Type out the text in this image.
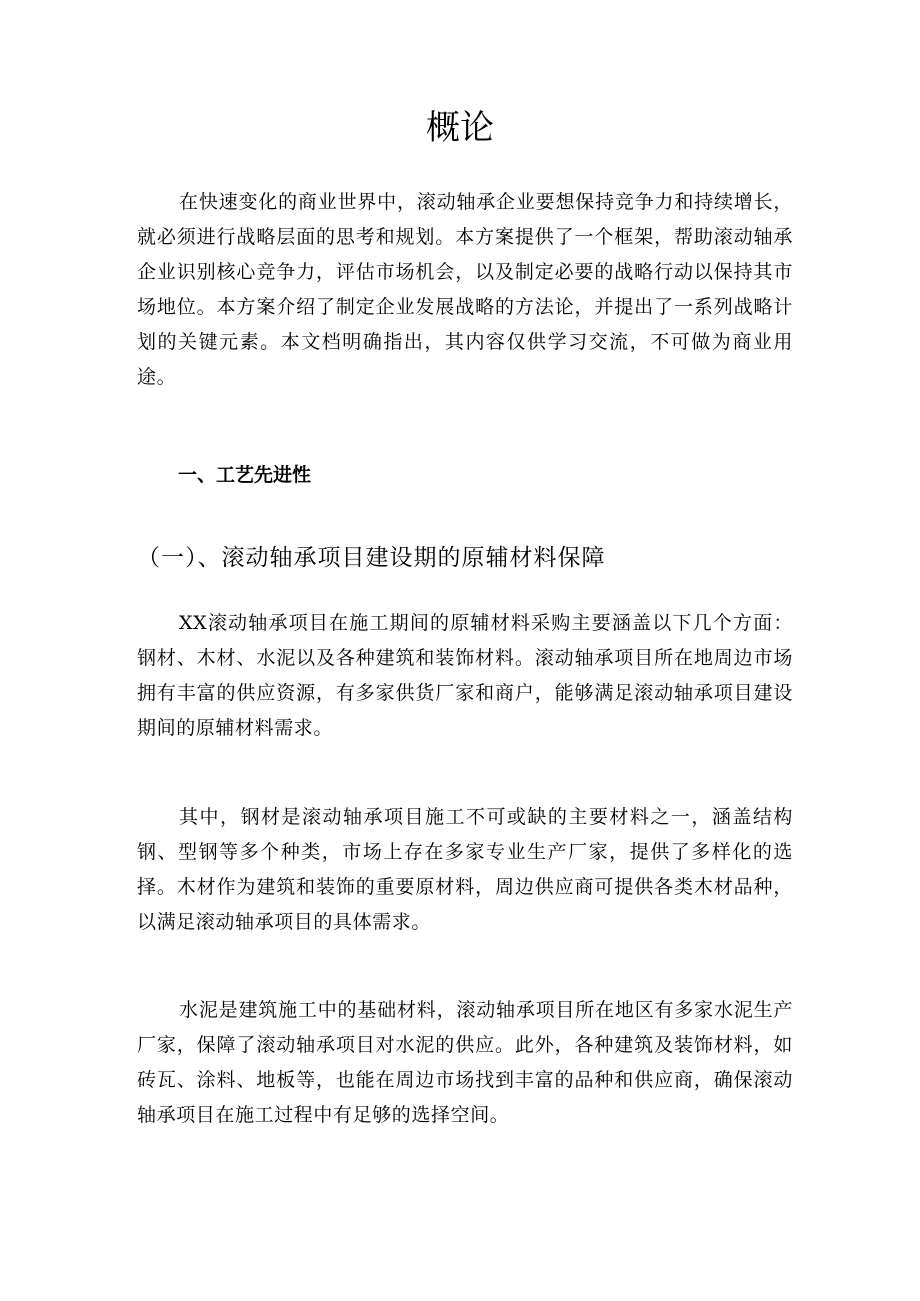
概论

在快速变化的商业世界中，滚动轴承企业要想保持竞争力和持续增长，就必须进行战略层面的思考和规划。本方案提供了一个框架，帮助滚动轴承企业识别核心竞争力，评估市场机会，以及制定必要的战略行动以保持其市场地位。本方案介绍了制定企业发展战略的方法论，并提出了一系列战略计划的关键元素。本文档明确指出，其内容仅供学习交流，不可做为商业用途。

一、工艺先进性
（一）、滚动轴承项目建设期的原辅材料保障

XX滚动轴承项目在施工期间的原辅材料采购主要涵盖以下几个方面：钢材、木材、水泥以及各种建筑和装饰材料。滚动轴承项目所在地周边市场拥有丰富的供应资源，有多家供货厂家和商户，能够满足滚动轴承项目建设期间的原辅材料需求。

其中，钢材是滚动轴承项目施工不可或缺的主要材料之一，涵盖结构钢、型钢等多个种类，市场上存在多家专业生产厂家，提供了多样化的选择。木材作为建筑和装饰的重要原材料，周边供应商可提供各类木材品种，以满足滚动轴承项目的具体需求。

水泥是建筑施工中的基础材料，滚动轴承项目所在地区有多家水泥生产厂家，保障了滚动轴承项目对水泥的供应。此外，各种建筑及装饰材料，如砖瓦、涂料、地板等，也能在周边市场找到丰富的品种和供应商，确保滚动轴承项目在施工过程中有足够的选择空间。
